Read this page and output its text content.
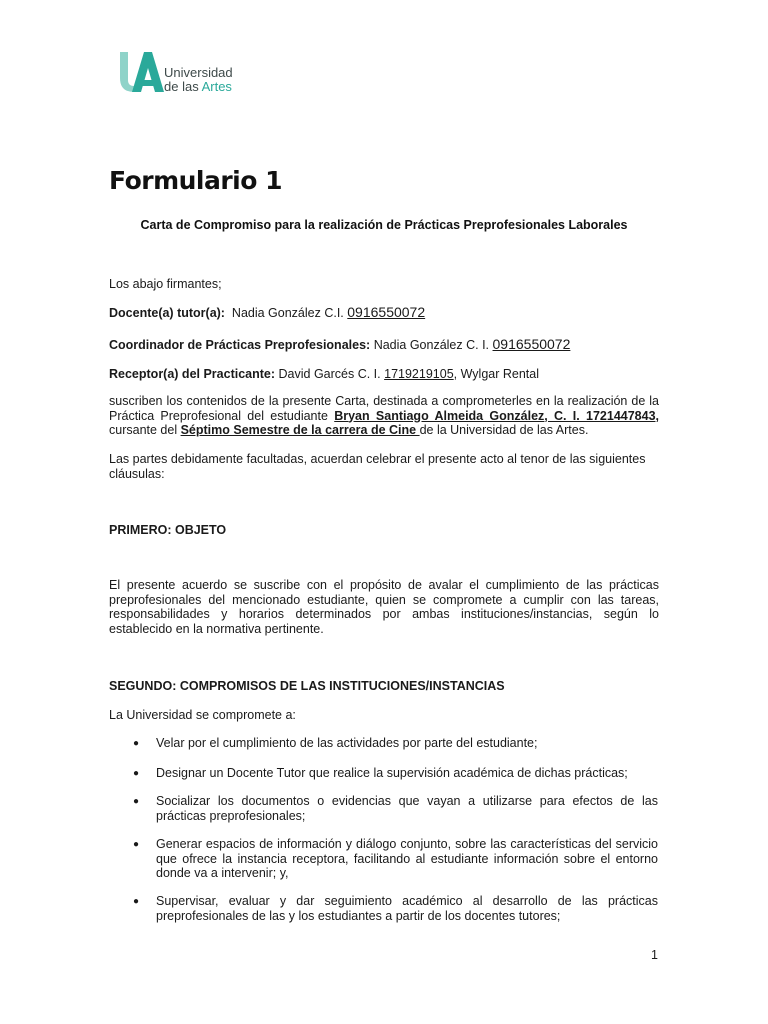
Universidad
de las Artes
Formulario 1
Carta de Compromiso para la realización de Prácticas Preprofesionales Laborales
Los abajo firmantes;
Docente(a) tutor(a): Nadia González C.I. 0916550072
Coordinador de Prácticas Preprofesionales: Nadia González C. I. 0916550072
Receptor(a) del Practicante: David Garcés C. I. 1719219105, Wylgar Rental
suscriben los contenidos de la presente Carta, destinada a comprometerles en la realización de la Práctica Preprofesional del estudiante Bryan Santiago Almeida González, C. I. 1721447843, cursante del Séptimo Semestre de la carrera de Cine de la Universidad de las Artes.
Las partes debidamente facultadas, acuerdan celebrar el presente acto al tenor de las siguientes cláusulas:
PRIMERO: OBJETO
El presente acuerdo se suscribe con el propósito de avalar el cumplimiento de las prácticas preprofesionales del mencionado estudiante, quien se compromete a cumplir con las tareas, responsabilidades y horarios determinados por ambas instituciones/instancias, según lo establecido en la normativa pertinente.
SEGUNDO: COMPROMISOS DE LAS INSTITUCIONES/INSTANCIAS
La Universidad se compromete a:
● Velar por el cumplimiento de las actividades por parte del estudiante;
● Designar un Docente Tutor que realice la supervisión académica de dichas prácticas;
● Socializar los documentos o evidencias que vayan a utilizarse para efectos de las prácticas preprofesionales;
● Generar espacios de información y diálogo conjunto, sobre las características del servicio que ofrece la instancia receptora, facilitando al estudiante información sobre el entorno donde va a intervenir; y,
● Supervisar, evaluar y dar seguimiento académico al desarrollo de las prácticas preprofesionales de las y los estudiantes a partir de los docentes tutores;
1
